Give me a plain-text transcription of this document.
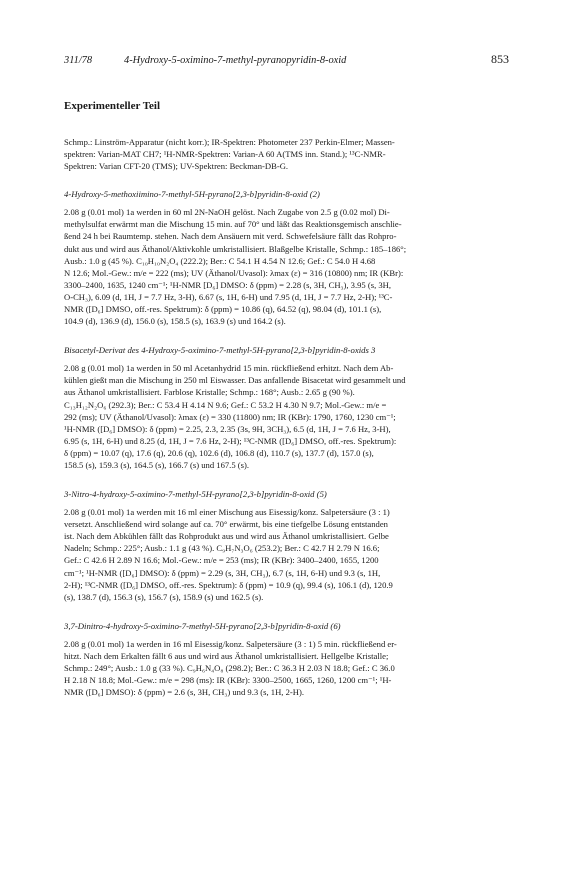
311/78	4-Hydroxy-5-oximino-7-methyl-pyranopyridin-8-oxid	853
Experimenteller Teil

Schmp.: Linström-Apparatur (nicht korr.); IR-Spektren: Photometer 237 Perkin-Elmer; Massen-

spektren: Varian-MAT CH7; ¹H-NMR-Spektren: Varian-A 60 A(TMS inn. Stand.); ¹³C-NMR-

Spektren: Varian CFT-20 (TMS); UV-Spektren: Beckman-DB-G.

4-Hydroxy-5-methoxiimino-7-methyl-5H-pyrano[2,3-b]pyridin-8-oxid (2)

2.08 g (0.01 mol) 1a werden in 60 ml 2N-NaOH gelöst. Nach Zugabe von 2.5 g (0.02 mol) Di-

methylsulfat erwärmt man die Mischung 15 min. auf 70° und läßt das Reaktionsgemisch anschlie-

ßend 24 h bei Raumtemp. stehen. Nach dem Ansäuern mit verd. Schwefelsäure fällt das Rohpro-

dukt aus und wird aus Äthanol/Aktivkohle umkristallisiert. Blaßgelbe Kristalle, Schmp.: 185–186°;

Ausb.: 1.0 g (45 %). C₁₀H₁₀N₂O₄ (222.2); Ber.: C 54.1 H 4.54 N 12.6; Gef.: C 54.0 H 4.68

N 12.6; Mol.-Gew.: m/e = 222 (ms); UV (Äthanol/Uvasol): λmax (ε) = 316 (10800) nm; IR (KBr):

3300–2400, 1635, 1240 cm⁻¹; ¹H-NMR [D₆] DMSO: δ (ppm) = 2.28 (s, 3H, CH₃), 3.95 (s, 3H,

O-CH₃), 6.09 (d, 1H, J = 7.7 Hz, 3-H), 6.67 (s, 1H, 6-H) und 7.95 (d, 1H, J = 7.7 Hz, 2-H); ¹³C-

NMR ([D₆] DMSO, off.-res. Spektrum): δ (ppm) = 10.86 (q), 64.52 (q), 98.04 (d), 101.1 (s),

104.9 (d), 136.9 (d), 156.0 (s), 158.5 (s), 163.9 (s) und 164.2 (s).

Bisacetyl-Derivat des 4-Hydroxy-5-oximino-7-methyl-5H-pyrano[2,3-b]pyridin-8-oxids 3

2.08 g (0.01 mol) 1a werden in 50 ml Acetanhydrid 15 min. rückfließend erhitzt. Nach dem Ab-

kühlen gießt man die Mischung in 250 ml Eiswasser. Das anfallende Bisacetat wird gesammelt und

aus Äthanol umkristallisiert. Farblose Kristalle; Schmp.: 168°; Ausb.: 2.65 g (90 %).

C₁₃H₁₂N₂O₆ (292.3); Ber.: C 53.4 H 4.14 N 9.6; Gef.: C 53.2 H 4.30 N 9.7; Mol.-Gew.: m/e =

292 (ms); UV (Äthanol/Uvasol): λmax (ε) = 330 (11800) nm; IR (KBr): 1790, 1760, 1230 cm⁻¹;

¹H-NMR ([D₆] DMSO): δ (ppm) = 2.25, 2.3, 2.35 (3s, 9H, 3CH₃), 6.5 (d, 1H, J = 7.6 Hz, 3-H),

6.95 (s, 1H, 6-H) und 8.25 (d, 1H, J = 7.6 Hz, 2-H); ¹³C-NMR ([D₆] DMSO, off.-res. Spektrum):

δ (ppm) = 10.07 (q), 17.6 (q), 20.6 (q), 102.6 (d), 106.8 (d), 110.7 (s), 137.7 (d), 157.0 (s),

158.5 (s), 159.3 (s), 164.5 (s), 166.7 (s) und 167.5 (s).

3-Nitro-4-hydroxy-5-oximino-7-methyl-5H-pyrano[2,3-b]pyridin-8-oxid (5)

2.08 g (0.01 mol) 1a werden mit 16 ml einer Mischung aus Eisessig/konz. Salpetersäure (3 : 1)

versetzt. Anschließend wird solange auf ca. 70° erwärmt, bis eine tiefgelbe Lösung entstanden

ist. Nach dem Abkühlen fällt das Rohprodukt aus und wird aus Äthanol umkristallisiert. Gelbe

Nadeln; Schmp.: 225°; Ausb.: 1.1 g (43 %). C₉H₇N₃O₆ (253.2); Ber.: C 42.7 H 2.79 N 16.6;

Gef.: C 42.6 H 2.89 N 16.6; Mol.-Gew.: m/e = 253 (ms); IR (KBr): 3400–2400, 1655, 1200

cm⁻¹; ¹H-NMR ([D₆] DMSO): δ (ppm) = 2.29 (s, 3H, CH₃), 6.7 (s, 1H, 6-H) und 9.3 (s, 1H,

2-H); ¹³C-NMR ([D₆] DMSO, off.-res. Spektrum): δ (ppm) = 10.9 (q), 99.4 (s), 106.1 (d), 120.9

(s), 138.7 (d), 156.3 (s), 156.7 (s), 158.9 (s) und 162.5 (s).

3,7-Dinitro-4-hydroxy-5-oximino-7-methyl-5H-pyrano[2,3-b]pyridin-8-oxid (6)

2.08 g (0.01 mol) 1a werden in 16 ml Eisessig/konz. Salpetersäure (3 : 1) 5 min. rückfließend er-

hitzt. Nach dem Erkalten fällt 6 aus und wird aus Äthanol umkristallisiert. Hellgelbe Kristalle;

Schmp.: 249°; Ausb.: 1.0 g (33 %). C₉H₆N₄O₈ (298.2); Ber.: C 36.3 H 2.03 N 18.8; Gef.: C 36.0

H 2.18 N 18.8; Mol.-Gew.: m/e = 298 (ms): IR (KBr): 3300–2500, 1665, 1260, 1200 cm⁻¹; ¹H-

NMR ([D₆] DMSO): δ (ppm) = 2.6 (s, 3H, CH₃) und 9.3 (s, 1H, 2-H).
